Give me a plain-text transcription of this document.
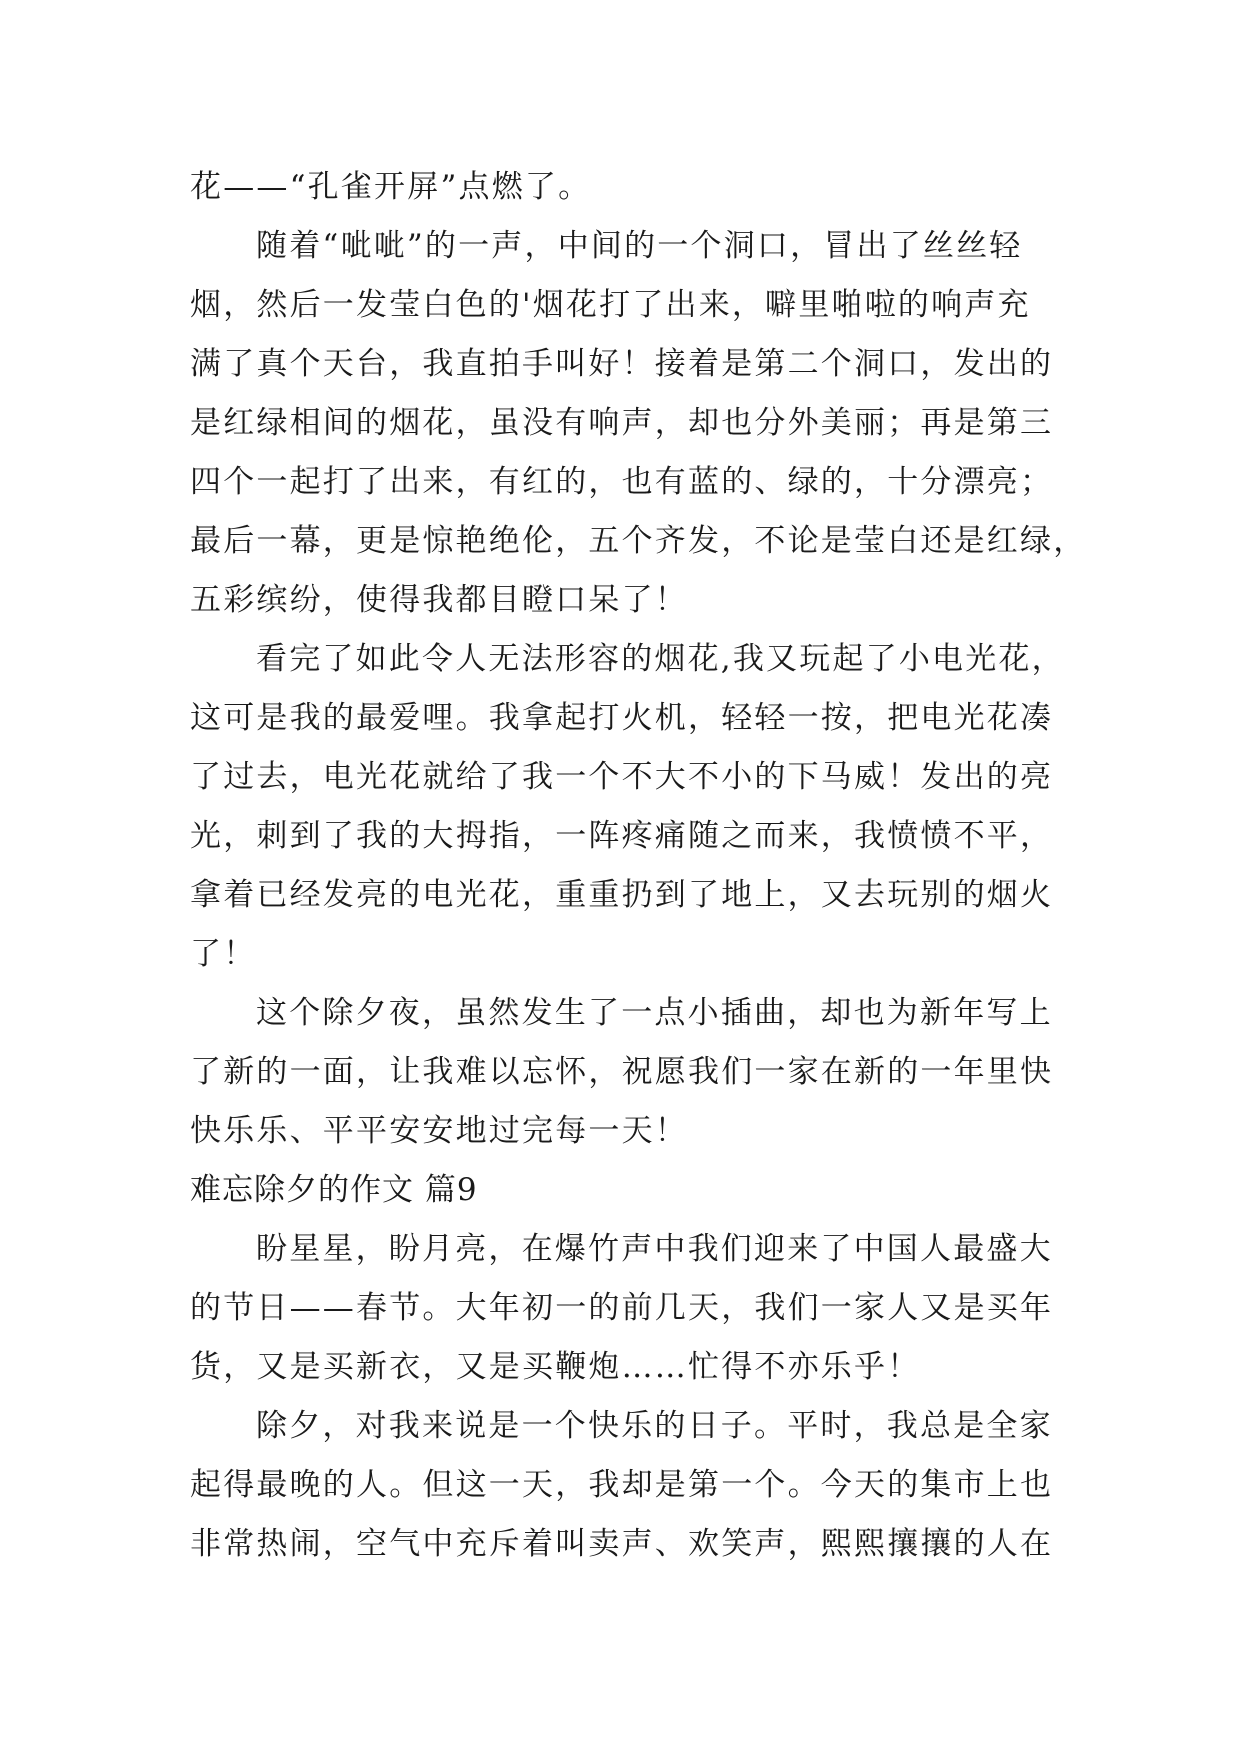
花——“孔雀开屏”点燃了。
随着“呲呲”的一声，中间的一个洞口，冒出了丝丝轻
烟，然后一发莹白色的'烟花打了出来，噼里啪啦的响声充
满了真个天台，我直拍手叫好！接着是第二个洞口，发出的
是红绿相间的烟花，虽没有响声，却也分外美丽；再是第三
四个一起打了出来，有红的，也有蓝的、绿的，十分漂亮；
最后一幕，更是惊艳绝伦，五个齐发，不论是莹白还是红绿，
五彩缤纷，使得我都目瞪口呆了！
看完了如此令人无法形容的烟花,我又玩起了小电光花，
这可是我的最爱哩。我拿起打火机，轻轻一按，把电光花凑
了过去，电光花就给了我一个不大不小的下马威！发出的亮
光，刺到了我的大拇指，一阵疼痛随之而来，我愤愤不平，
拿着已经发亮的电光花，重重扔到了地上，又去玩别的烟火
了！
这个除夕夜，虽然发生了一点小插曲，却也为新年写上
了新的一面，让我难以忘怀，祝愿我们一家在新的一年里快
快乐乐、平平安安地过完每一天！
难忘除夕的作文 篇9
盼星星，盼月亮，在爆竹声中我们迎来了中国人最盛大
的节日——春节。大年初一的前几天，我们一家人又是买年
货，又是买新衣，又是买鞭炮……忙得不亦乐乎！
除夕，对我来说是一个快乐的日子。平时，我总是全家
起得最晚的人。但这一天，我却是第一个。今天的集市上也
非常热闹，空气中充斥着叫卖声、欢笑声，熙熙攘攘的人在
